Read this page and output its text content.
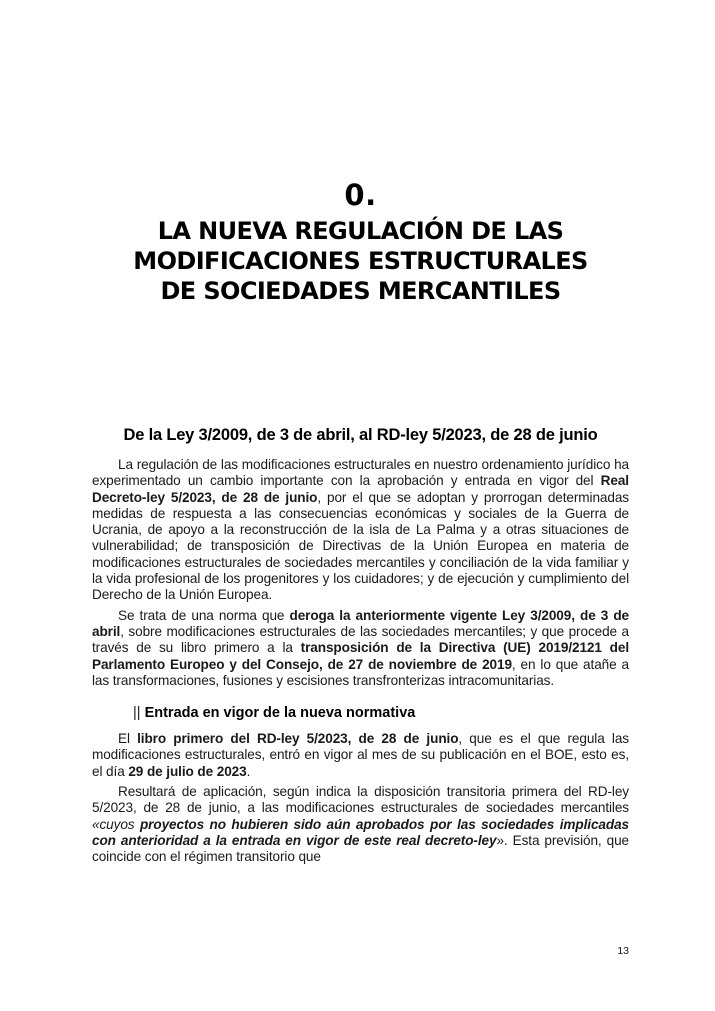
0.
LA NUEVA REGULACIÓN DE LAS
MODIFICACIONES ESTRUCTURALES
DE SOCIEDADES MERCANTILES
De la Ley 3/2009, de 3 de abril, al RD-ley 5/2023, de 28 de junio

La regulación de las modificaciones estructurales en nuestro ordenamiento jurídico ha experimentado un cambio importante con la aprobación y entrada en vigor del Real Decreto-ley 5/2023, de 28 de junio, por el que se adoptan y prorrogan determinadas medidas de respuesta a las consecuencias económicas y sociales de la Guerra de Ucrania, de apoyo a la reconstrucción de la isla de La Palma y a otras situaciones de vulnerabilidad; de transposición de Directivas de la Unión Europea en materia de modificaciones estructurales de sociedades mercantiles y conciliación de la vida familiar y la vida profesional de los progenitores y los cuidadores; y de ejecución y cumplimiento del Derecho de la Unión Europea.

Se trata de una norma que deroga la anteriormente vigente Ley 3/2009, de 3 de abril, sobre modificaciones estructurales de las sociedades mercantiles; y que procede a través de su libro primero a la transposición de la Directiva (UE) 2019/2121 del Parlamento Europeo y del Consejo, de 27 de noviembre de 2019, en lo que atañe a las transformaciones, fusiones y escisiones transfronterizas intracomunitarias.

|| Entrada en vigor de la nueva normativa

El libro primero del RD-ley 5/2023, de 28 de junio, que es el que regula las modificaciones estructurales, entró en vigor al mes de su publicación en el BOE, esto es, el día 29 de julio de 2023.

Resultará de aplicación, según indica la disposición transitoria primera del RD-ley 5/2023, de 28 de junio, a las modificaciones estructurales de sociedades mercantiles «cuyos proyectos no hubieren sido aún aprobados por las sociedades implicadas con anterioridad a la entrada en vigor de este real decreto-ley». Esta previsión, que coincide con el régimen transitorio que

13
